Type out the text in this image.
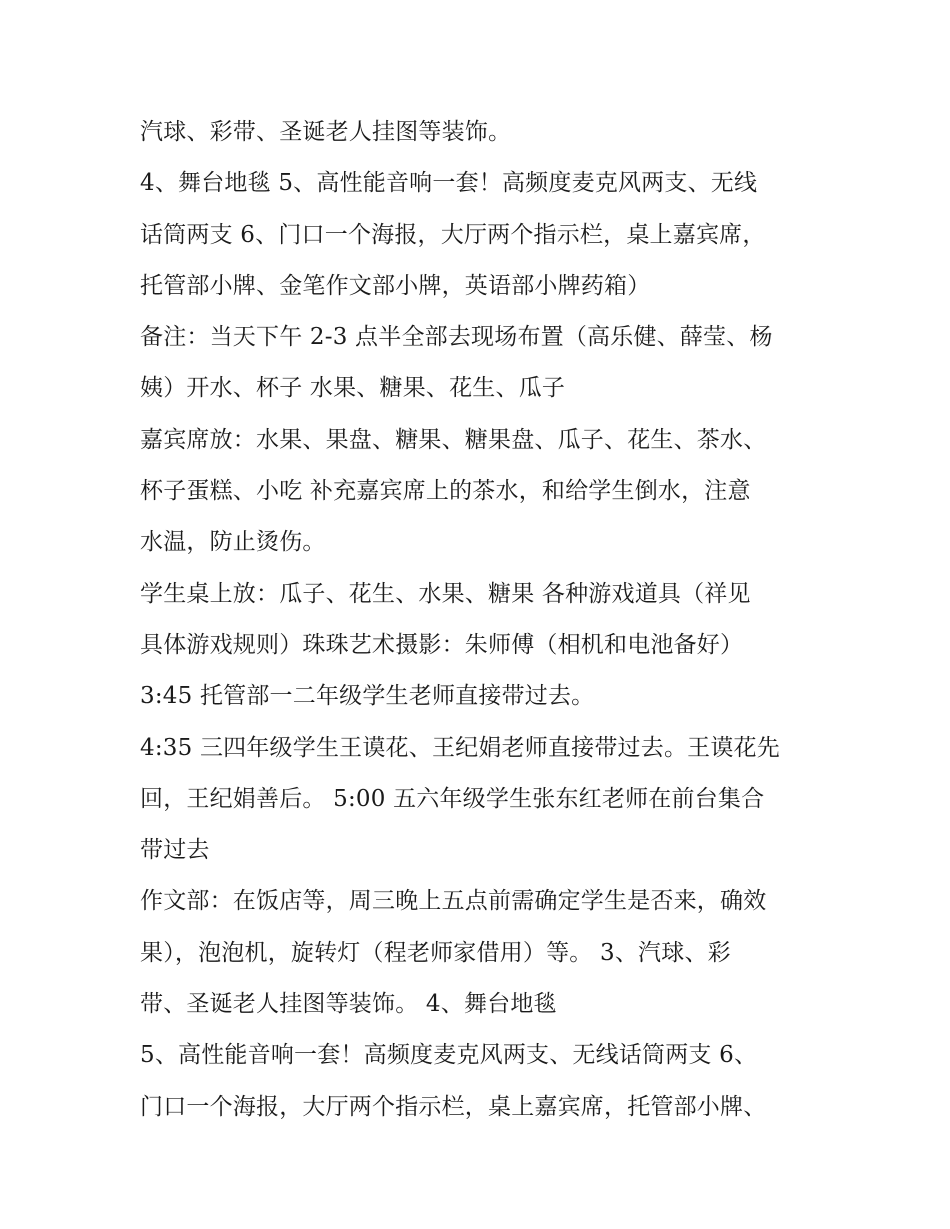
汽球、彩带、圣诞老人挂图等装饰。
4、舞台地毯 5、高性能音响一套！高频度麦克风两支、无线
话筒两支 6、门口一个海报，大厅两个指示栏，桌上嘉宾席，
托管部小牌、金笔作文部小牌，英语部小牌药箱）
备注：当天下午 2-3 点半全部去现场布置（高乐健、薛莹、杨
姨）开水、杯子 水果、糖果、花生、瓜子
嘉宾席放：水果、果盘、糖果、糖果盘、瓜子、花生、茶水、
杯子蛋糕、小吃 补充嘉宾席上的茶水，和给学生倒水，注意
水温，防止烫伤。
学生桌上放：瓜子、花生、水果、糖果 各种游戏道具（祥见
具体游戏规则）珠珠艺术摄影：朱师傅（相机和电池备好）
3:45 托管部一二年级学生老师直接带过去。
4:35 三四年级学生王谟花、王纪娟老师直接带过去。王谟花先
回，王纪娟善后。 5:00 五六年级学生张东红老师在前台集合
带过去
作文部：在饭店等，周三晚上五点前需确定学生是否来，确效
果），泡泡机，旋转灯（程老师家借用）等。 3、汽球、彩
带、圣诞老人挂图等装饰。 4、舞台地毯
5、高性能音响一套！高频度麦克风两支、无线话筒两支 6、
门口一个海报，大厅两个指示栏，桌上嘉宾席，托管部小牌、
